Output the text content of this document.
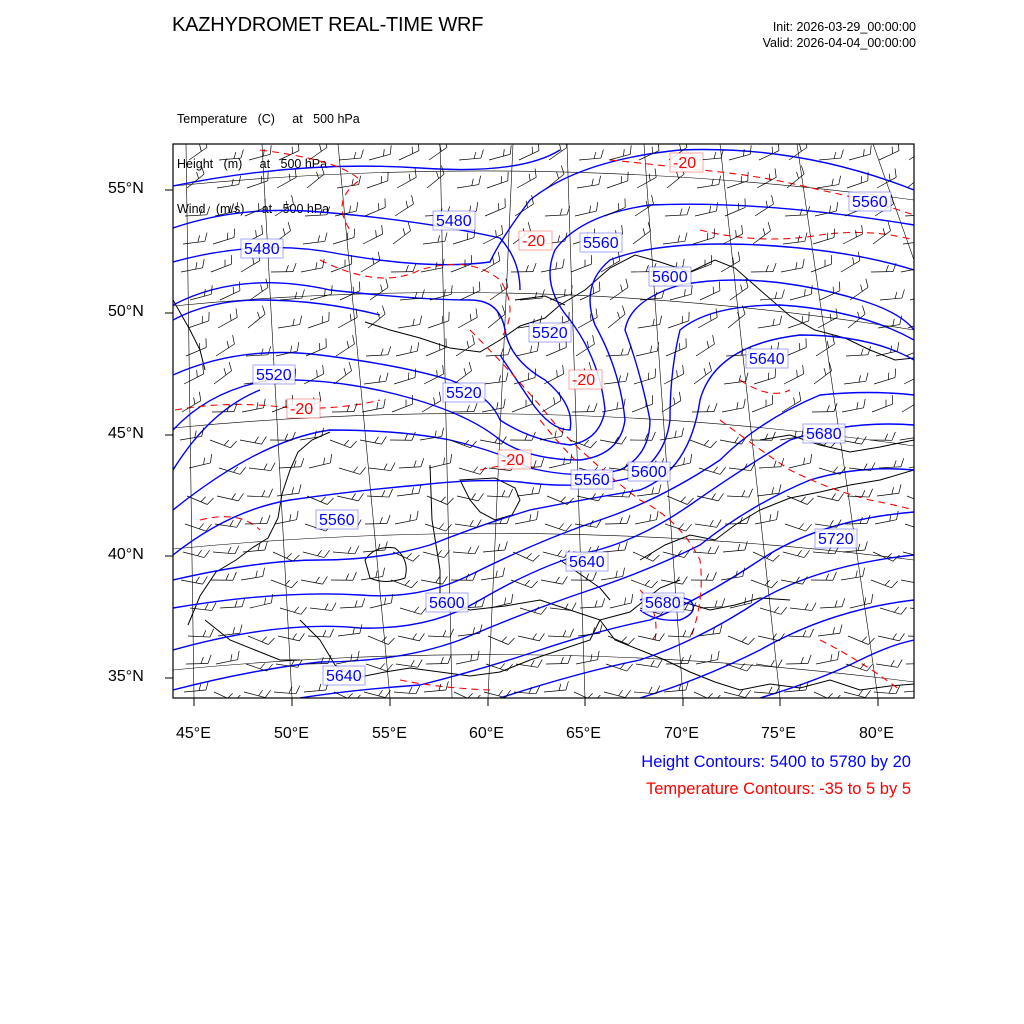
KAZHYDROMET REAL-TIME WRF	Init: 2026-03-29_00:00:00
Valid: 2026-04-04_00:00:00

Temperature   (C)     at   500 hPa

Height   (m)     at   500 hPa

Wind   (m/s)     at   500 hPa

5480
5480
5520
5520
5520
5560
5560
5560
5560
5600
5600
5600
5640
5640
5640
5680
5680
5720
-20
-20
-20
-20
-20
55°N
50°N
45°N
40°N
35°N
45°E	50°E	55°E	60°E	65°E	70°E	75°E	80°E
Height Contours: 5400 to 5780 by 20
Temperature Contours: -35 to 5 by 5
